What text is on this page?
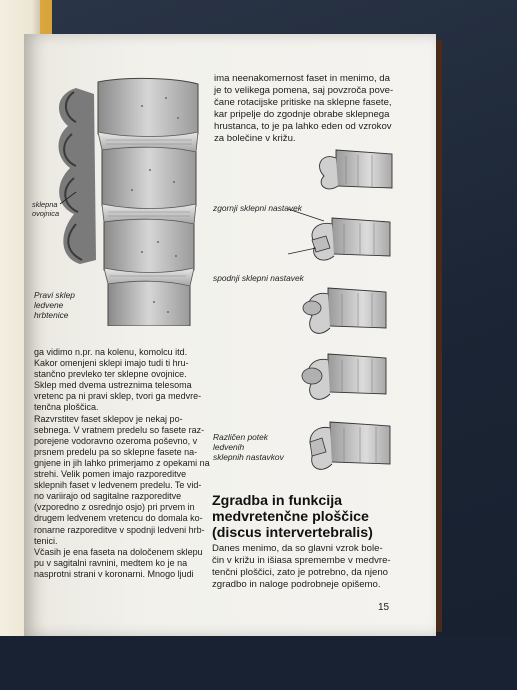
sklepna
ovojnica
Pravi sklep
ledvene
hrbtenice

ima neenakomernost faset in menimo, da

je to velikega pomena, saj povzroča pove-

čane rotacijske pritiske na sklepne fasete,

kar pripelje do zgodnje obrabe sklepnega

hrustanca, to je pa lahko eden od vzrokov

za bolečine v križu.

zgornji sklepni nastavek
spodnji sklepni nastavek
Različen potek
ledvenih
sklepnih nastavkov

ga vidimo n.pr. na kolenu, komolcu itd.

Kakor omenjeni sklepi imajo tudi ti hru-

stančno prevleko ter sklepne ovojnice.

Sklep med dvema ustreznima telesoma

vretenc pa ni pravi sklep, tvori ga medvre-

tenčna ploščica.

Razvrstitev faset sklepov je nekaj po-

sebnega. V vratnem predelu so fasete raz-

porejene vodoravno ozeroma poševno, v

prsnem predelu pa so sklepne fasete na-

gnjene in jih lahko primerjamo z opekami na

strehi. Velik pomen imajo razporeditve

sklepnih faset v ledvenem predelu. Te vid-

no variirajo od sagitalne razporeditve

(vzporedno z osrednjo osjo) pri prvem in

drugem ledvenem vretencu do domala ko-

ronarne razporeditve v spodnji ledveni hrb-

tenici.

Včasih je ena faseta na določenem sklepu

pu v sagitalni ravnini, medtem ko je na

nasprotni strani v koronarni. Mnogo ljudi

Zgradba in funkcija
medvretenčne ploščice
(discus intervertebralis)

Danes menimo, da so glavni vzrok bole-

čin v križu in išiasa spremembe v medvre-

tenčni ploščici, zato je potrebno, da njeno

zgradbo in naloge podrobneje opišemo.

15
